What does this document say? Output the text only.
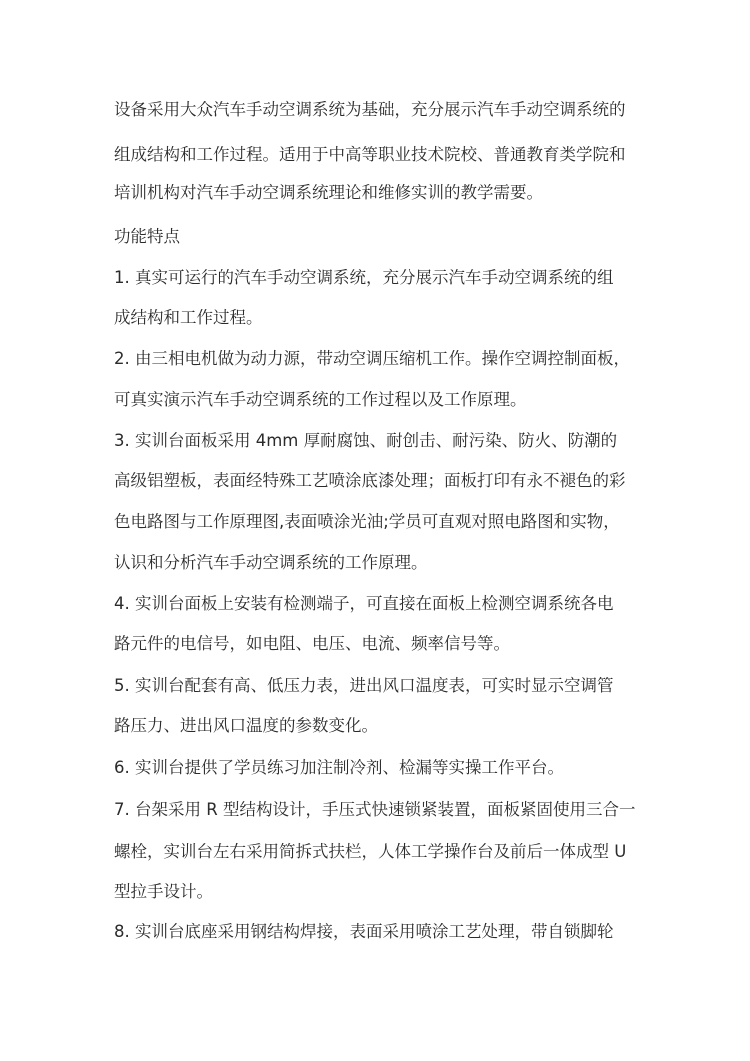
设备采用大众汽车手动空调系统为基础，充分展示汽车手动空调系统的
组成结构和工作过程。适用于中高等职业技术院校、普通教育类学院和
培训机构对汽车手动空调系统理论和维修实训的教学需要。
功能特点
1. 真实可运行的汽车手动空调系统，充分展示汽车手动空调系统的组
成结构和工作过程。
2. 由三相电机做为动力源，带动空调压缩机工作。操作空调控制面板，
可真实演示汽车手动空调系统的工作过程以及工作原理。
3. 实训台面板采用 4mm 厚耐腐蚀、耐创击、耐污染、防火、防潮的
高级铝塑板，表面经特殊工艺喷涂底漆处理；面板打印有永不褪色的彩
色电路图与工作原理图,表面喷涂光油;学员可直观对照电路图和实物，
认识和分析汽车手动空调系统的工作原理。
4. 实训台面板上安装有检测端子，可直接在面板上检测空调系统各电
路元件的电信号，如电阻、电压、电流、频率信号等。
5. 实训台配套有高、低压力表，进出风口温度表，可实时显示空调管
路压力、进出风口温度的参数变化。
6. 实训台提供了学员练习加注制冷剂、检漏等实操工作平台。
7. 台架采用 R 型结构设计，手压式快速锁紧装置，面板紧固使用三合一
螺栓，实训台左右采用简拆式扶栏，人体工学操作台及前后一体成型 U
型拉手设计。
8. 实训台底座采用钢结构焊接，表面采用喷涂工艺处理，带自锁脚轮
